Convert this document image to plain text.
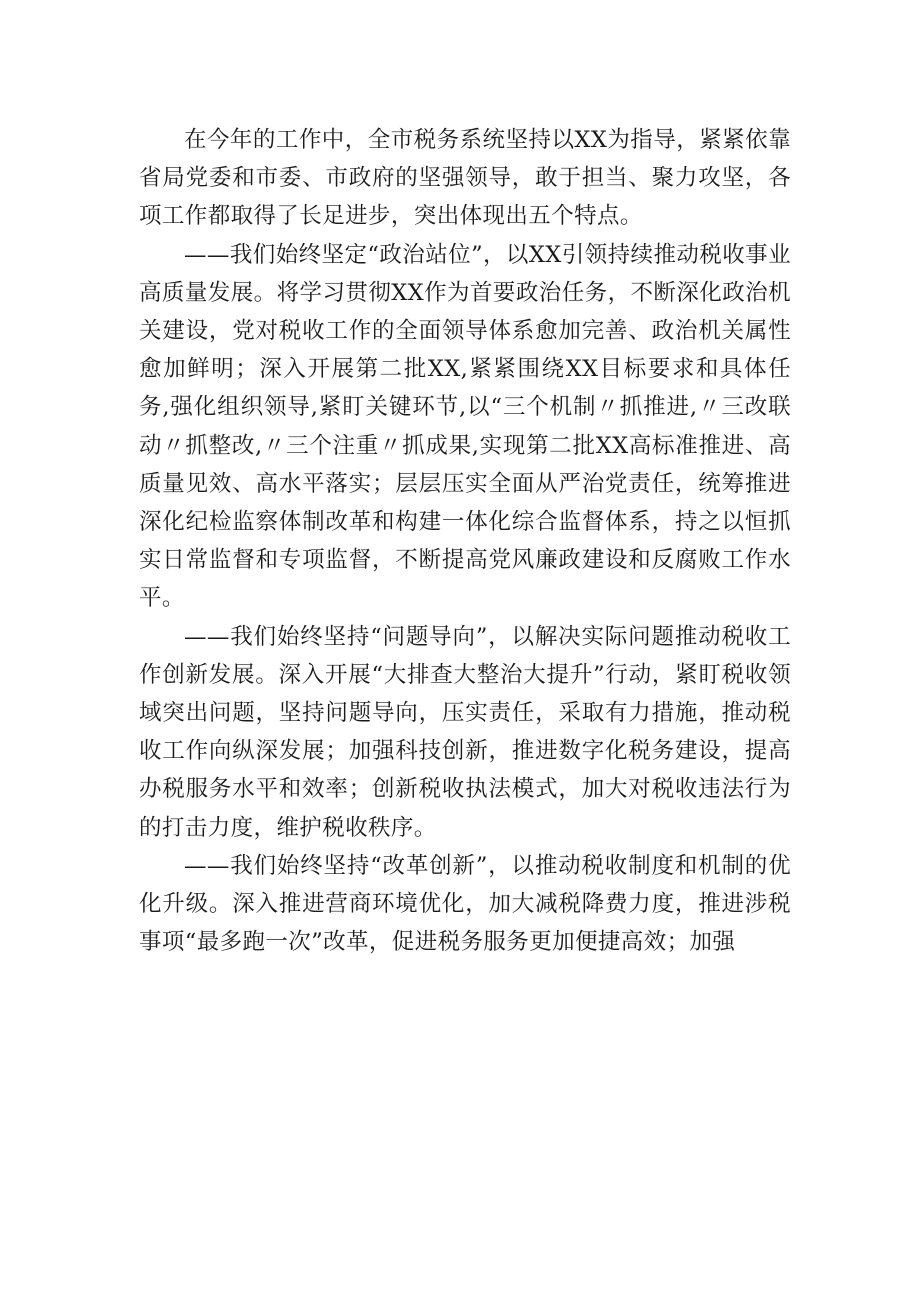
在今年的工作中，全市税务系统坚持以XX为指导，紧紧依靠省局党委和市委、市政府的坚强领导，敢于担当、聚力攻坚，各项工作都取得了长足进步，突出体现出五个特点。

——我们始终坚定“政治站位”，以XX引领持续推动税收事业高质量发展。将学习贯彻XX作为首要政治任务，不断深化政治机关建设，党对税收工作的全面领导体系愈加完善、政治机关属性愈加鲜明；深入开展第二批XX,紧紧围绕XX目标要求和具体任务,强化组织领导,紧盯关键环节,以“三个机制〃抓推进,〃三改联动〃抓整改,〃三个注重〃抓成果,实现第二批XX高标准推进、高质量见效、高水平落实；层层压实全面从严治党责任，统筹推进深化纪检监察体制改革和构建一体化综合监督体系，持之以恒抓实日常监督和专项监督，不断提高党风廉政建设和反腐败工作水平。

——我们始终坚持“问题导向”，以解决实际问题推动税收工作创新发展。深入开展“大排查大整治大提升”行动，紧盯税收领域突出问题，坚持问题导向，压实责任，采取有力措施，推动税收工作向纵深发展；加强科技创新，推进数字化税务建设，提高办税服务水平和效率；创新税收执法模式，加大对税收违法行为的打击力度，维护税收秩序。

——我们始终坚持“改革创新”，以推动税收制度和机制的优化升级。深入推进营商环境优化，加大减税降费力度，推进涉税事项“最多跑一次”改革，促进税务服务更加便捷高效；加强
